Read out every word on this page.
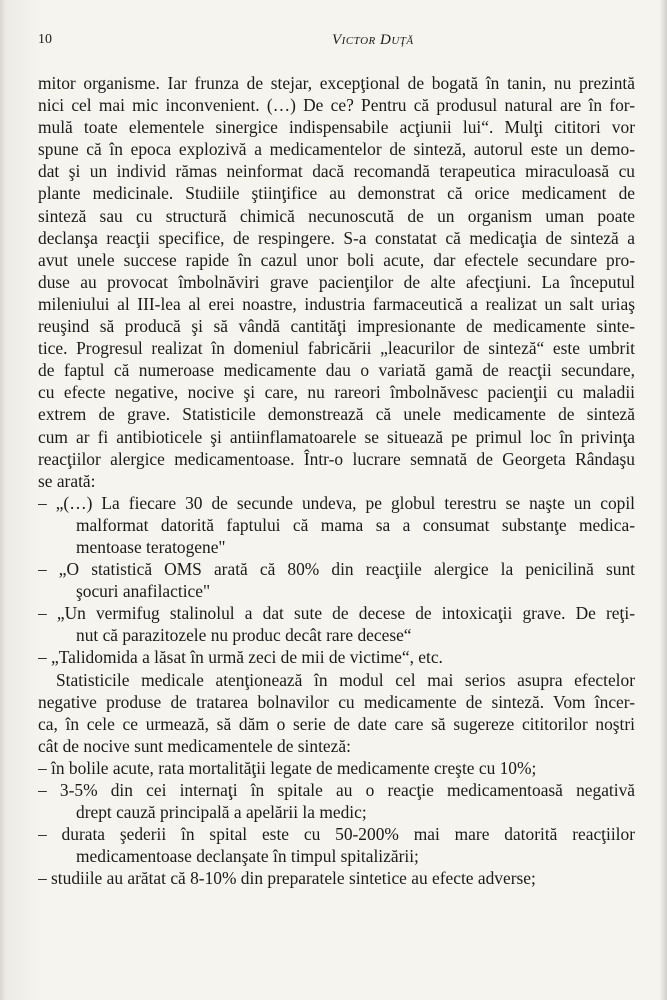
10	Victor Duţă
mitor organisme. Iar frunza de stejar, excepţional de bogată în tanin, nu prezintă
nici cel mai mic inconvenient. (…) De ce? Pentru că produsul natural are în for-
mulă toate elementele sinergice indispensabile acţiunii lui“. Mulţi cititori vor
spune că în epoca explozivă a medicamentelor de sinteză, autorul este un demo-
dat şi un individ rămas neinformat dacă recomandă terapeutica miraculoasă cu
plante medicinale. Studiile ştiinţifice au demonstrat că orice medicament de
sinteză sau cu structură chimică necunoscută de un organism uman poate
declanşa reacţii specifice, de respingere. S-a constatat că medicaţia de sinteză a
avut unele succese rapide în cazul unor boli acute, dar efectele secundare pro-
duse au provocat îmbolnăviri grave pacienţilor de alte afecţiuni. La începutul
mileniului al III-lea al erei noastre, industria farmaceutică a realizat un salt uriaş
reuşind să producă şi să vândă cantităţi impresionante de medicamente sinte-
tice. Progresul realizat în domeniul fabricării „leacurilor de sinteză“ este umbrit
de faptul că numeroase medicamente dau o variată gamă de reacţii secundare,
cu efecte negative, nocive şi care, nu rareori îmbolnăvesc pacienţii cu maladii
extrem de grave. Statisticile demonstrează că unele medicamente de sinteză
cum ar fi antibioticele şi antiinflamatoarele se situează pe primul loc în privinţa
reacţiilor alergice medicamentoase. Într-o lucrare semnată de Georgeta Rândaşu
se arată:
– „(…) La fiecare 30 de secunde undeva, pe globul terestru se naşte un copil
malformat datorită faptului că mama sa a consumat substanţe medica-
mentoase teratogene"
– „O statistică OMS arată că 80% din reacţiile alergice la penicilină sunt
şocuri anafilactice"
– „Un vermifug stalinolul a dat sute de decese de intoxicaţii grave. De reţi-
nut că parazitozele nu produc decât rare decese“
– „Talidomida a lăsat în urmă zeci de mii de victime“, etc.
Statisticile medicale atenţionează în modul cel mai serios asupra efectelor
negative produse de tratarea bolnavilor cu medicamente de sinteză. Vom încer-
ca, în cele ce urmează, să dăm o serie de date care să sugereze cititorilor noştri
cât de nocive sunt medicamentele de sinteză:
– în bolile acute, rata mortalităţii legate de medicamente creşte cu 10%;
– 3-5% din cei internaţi în spitale au o reacţie medicamentoasă negativă
drept cauză principală a apelării la medic;
– durata şederii în spital este cu 50-200% mai mare datorită reacţiilor
medicamentoase declanşate în timpul spitalizării;
– studiile au arătat că 8-10% din preparatele sintetice au efecte adverse;
